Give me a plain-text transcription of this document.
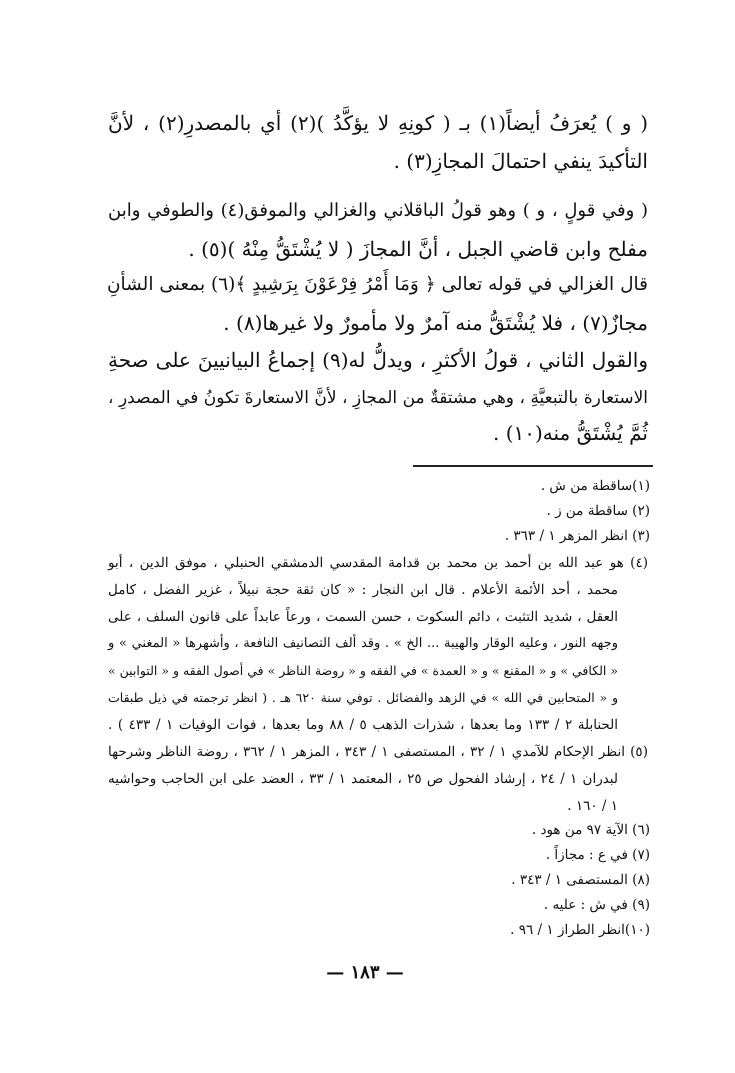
( و ) يُعرَفُ أيضاً(١) بـ ( كونِهِ لا يؤكَّدُ )(٢) أي بالمصدرِ(٢) ، لأنَّ
التأكيدَ ينفي احتمالَ المجازِ(٣) .
( وفي قولٍ ، و ) وهو قولُ الباقلاني والغزالي والموفق(٤) والطوفي وابن
مفلح وابن قاضي الجبل ، أنَّ المجازَ ( لا يُشْتَقُّ مِنْهُ )(٥) .
قال الغزالي في قوله تعالى ﴿ وَمَا أَمْرُ فِرْعَوْنَ بِرَشِيدٍ ﴾(٦) بمعنى الشأنِ
مجازٌ(٧) ، فلا يُشْتَقُّ منه آمرٌ ولا مأمورٌ ولا غيرها(٨) .
والقول الثاني ، قولُ الأكثرِ ، ويدلُّ له(٩) إجماعُ البيانيينَ على صحةِ
الاستعارة بالتبعيَّةِ ، وهي مشتقةٌ من المجازِ ، لأنَّ الاستعارةَ تكونُ في المصدرِ ،
ثُمَّ يُشْتَقُّ منه(١٠) .
(١)ساقطة من ش .
(٢) ساقطة من ز .
(٣) انظر المزهر ١ / ٣٦٣ .
(٤) هو عبد الله بن أحمد بن محمد بن قدامة المقدسي الدمشقي الحنبلي ، موفق الدين ، أبو
محمد ، أحد الأئمة الأعلام . قال ابن النجار : « كان ثقة حجة نبيلاً ، غزير الفضل ، كامل
العقل ، شديد التثبت ، دائم السكوت ، حسن السمت ، ورعاً عابداً على قانون السلف ، على
وجهه النور ، وعليه الوقار والهيبة ... الخ » . وقد ألف التصانيف النافعة ، وأشهرها « المغني » و
« الكافي » و « المقنع » و « العمدة » في الفقه و « روضة الناظر » في أصول الفقه و « التوابين »
و « المتحابين في الله » في الزهد والفضائل . توفي سنة ٦٢٠ هـ . ( انظر ترجمته في ذيل طبقات
الحنابلة ٢ / ١٣٣ وما بعدها ، شذرات الذهب ٥ / ٨٨ وما بعدها ، فوات الوفيات ١ / ٤٣٣ ) .
(٥) انظر الإحكام للآمدي ١ / ٣٢ ، المستصفى ١ / ٣٤٣ ، المزهر ١ / ٣٦٢ ، روضة الناظر وشرحها
لبدران ١ / ٢٤ ، إرشاد الفحول ص ٢٥ ، المعتمد ١ / ٣٣ ، العضد على ابن الحاجب وحواشيه
١ / ١٦٠ .
(٦) الآية ٩٧ من هود .
(٧) في ع : مجازاً .
(٨) المستصفى ١ / ٣٤٣ .
(٩) في ش : عليه .
(١٠)انظر الطراز ١ / ٩٦ .
— ١٨٣ —
